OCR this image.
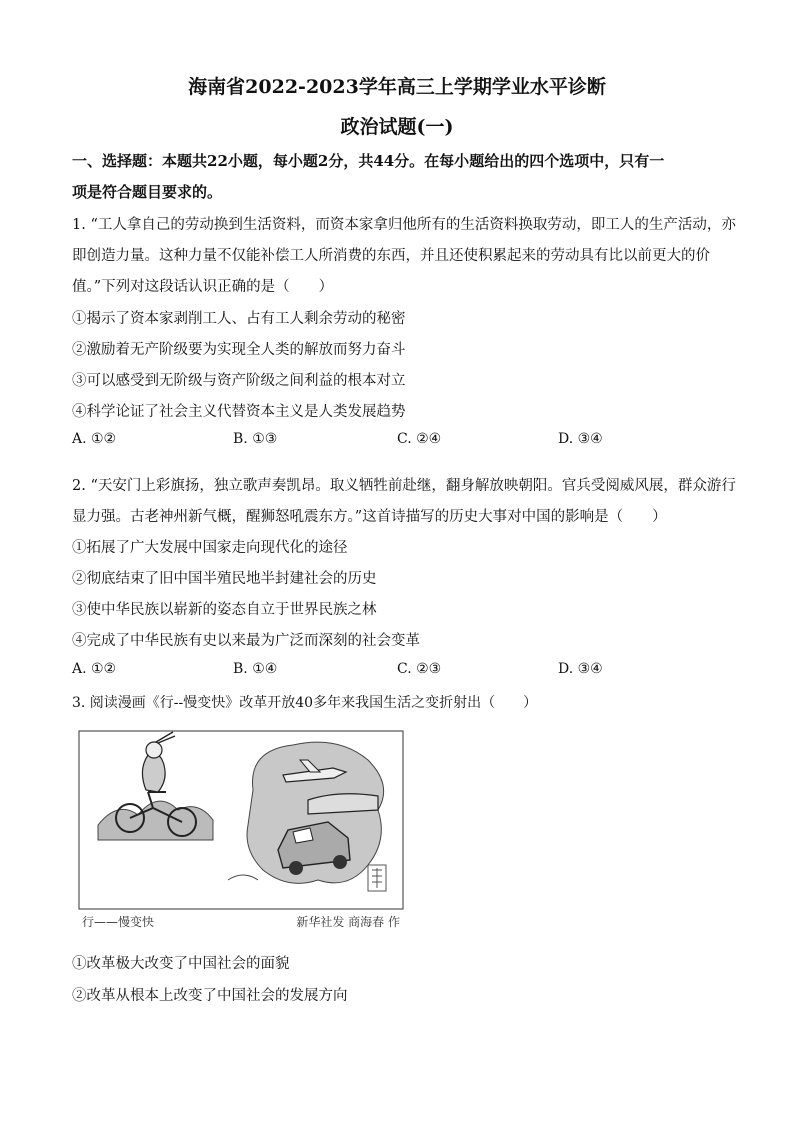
海南省2022-2023学年高三上学期学业水平诊断
政治试题(一)
一、选择题：本题共22小题，每小题2分，共44分。在每小题给出的四个选项中，只有一
项是符合题目要求的。
1. “工人拿自己的劳动换到生活资料，而资本家拿归他所有的生活资料换取劳动，即工人的生产活动，亦
即创造力量。这种力量不仅能补偿工人所消费的东西，并且还使积累起来的劳动具有比以前更大的价
值。”下列对这段话认识正确的是（　　）
①揭示了资本家剥削工人、占有工人剩余劳动的秘密
②激励着无产阶级要为实现全人类的解放而努力奋斗
③可以感受到无阶级与资产阶级之间利益的根本对立
④科学论证了社会主义代替资本主义是人类发展趋势
A. ①②	B. ①③	C. ②④	D. ③④
2. “天安门上彩旗扬，独立歌声奏凯昂。取义牺牲前赴继，翻身解放映朝阳。官兵受阅威风展，群众游行
显力强。古老神州新气概，醒狮怒吼震东方。”这首诗描写的历史大事对中国的影响是（　　）
①拓展了广大发展中国家走向现代化的途径
②彻底结束了旧中国半殖民地半封建社会的历史
③使中华民族以崭新的姿态自立于世界民族之林
④完成了中华民族有史以来最为广泛而深刻的社会变革
A. ①②	B. ①④	C. ②③	D. ③④
3. 阅读漫画《行--慢变快》改革开放40多年来我国生活之变折射出（　　）
行——慢变快	新华社发 商海春 作
①改革极大改变了中国社会的面貌
②改革从根本上改变了中国社会的发展方向
